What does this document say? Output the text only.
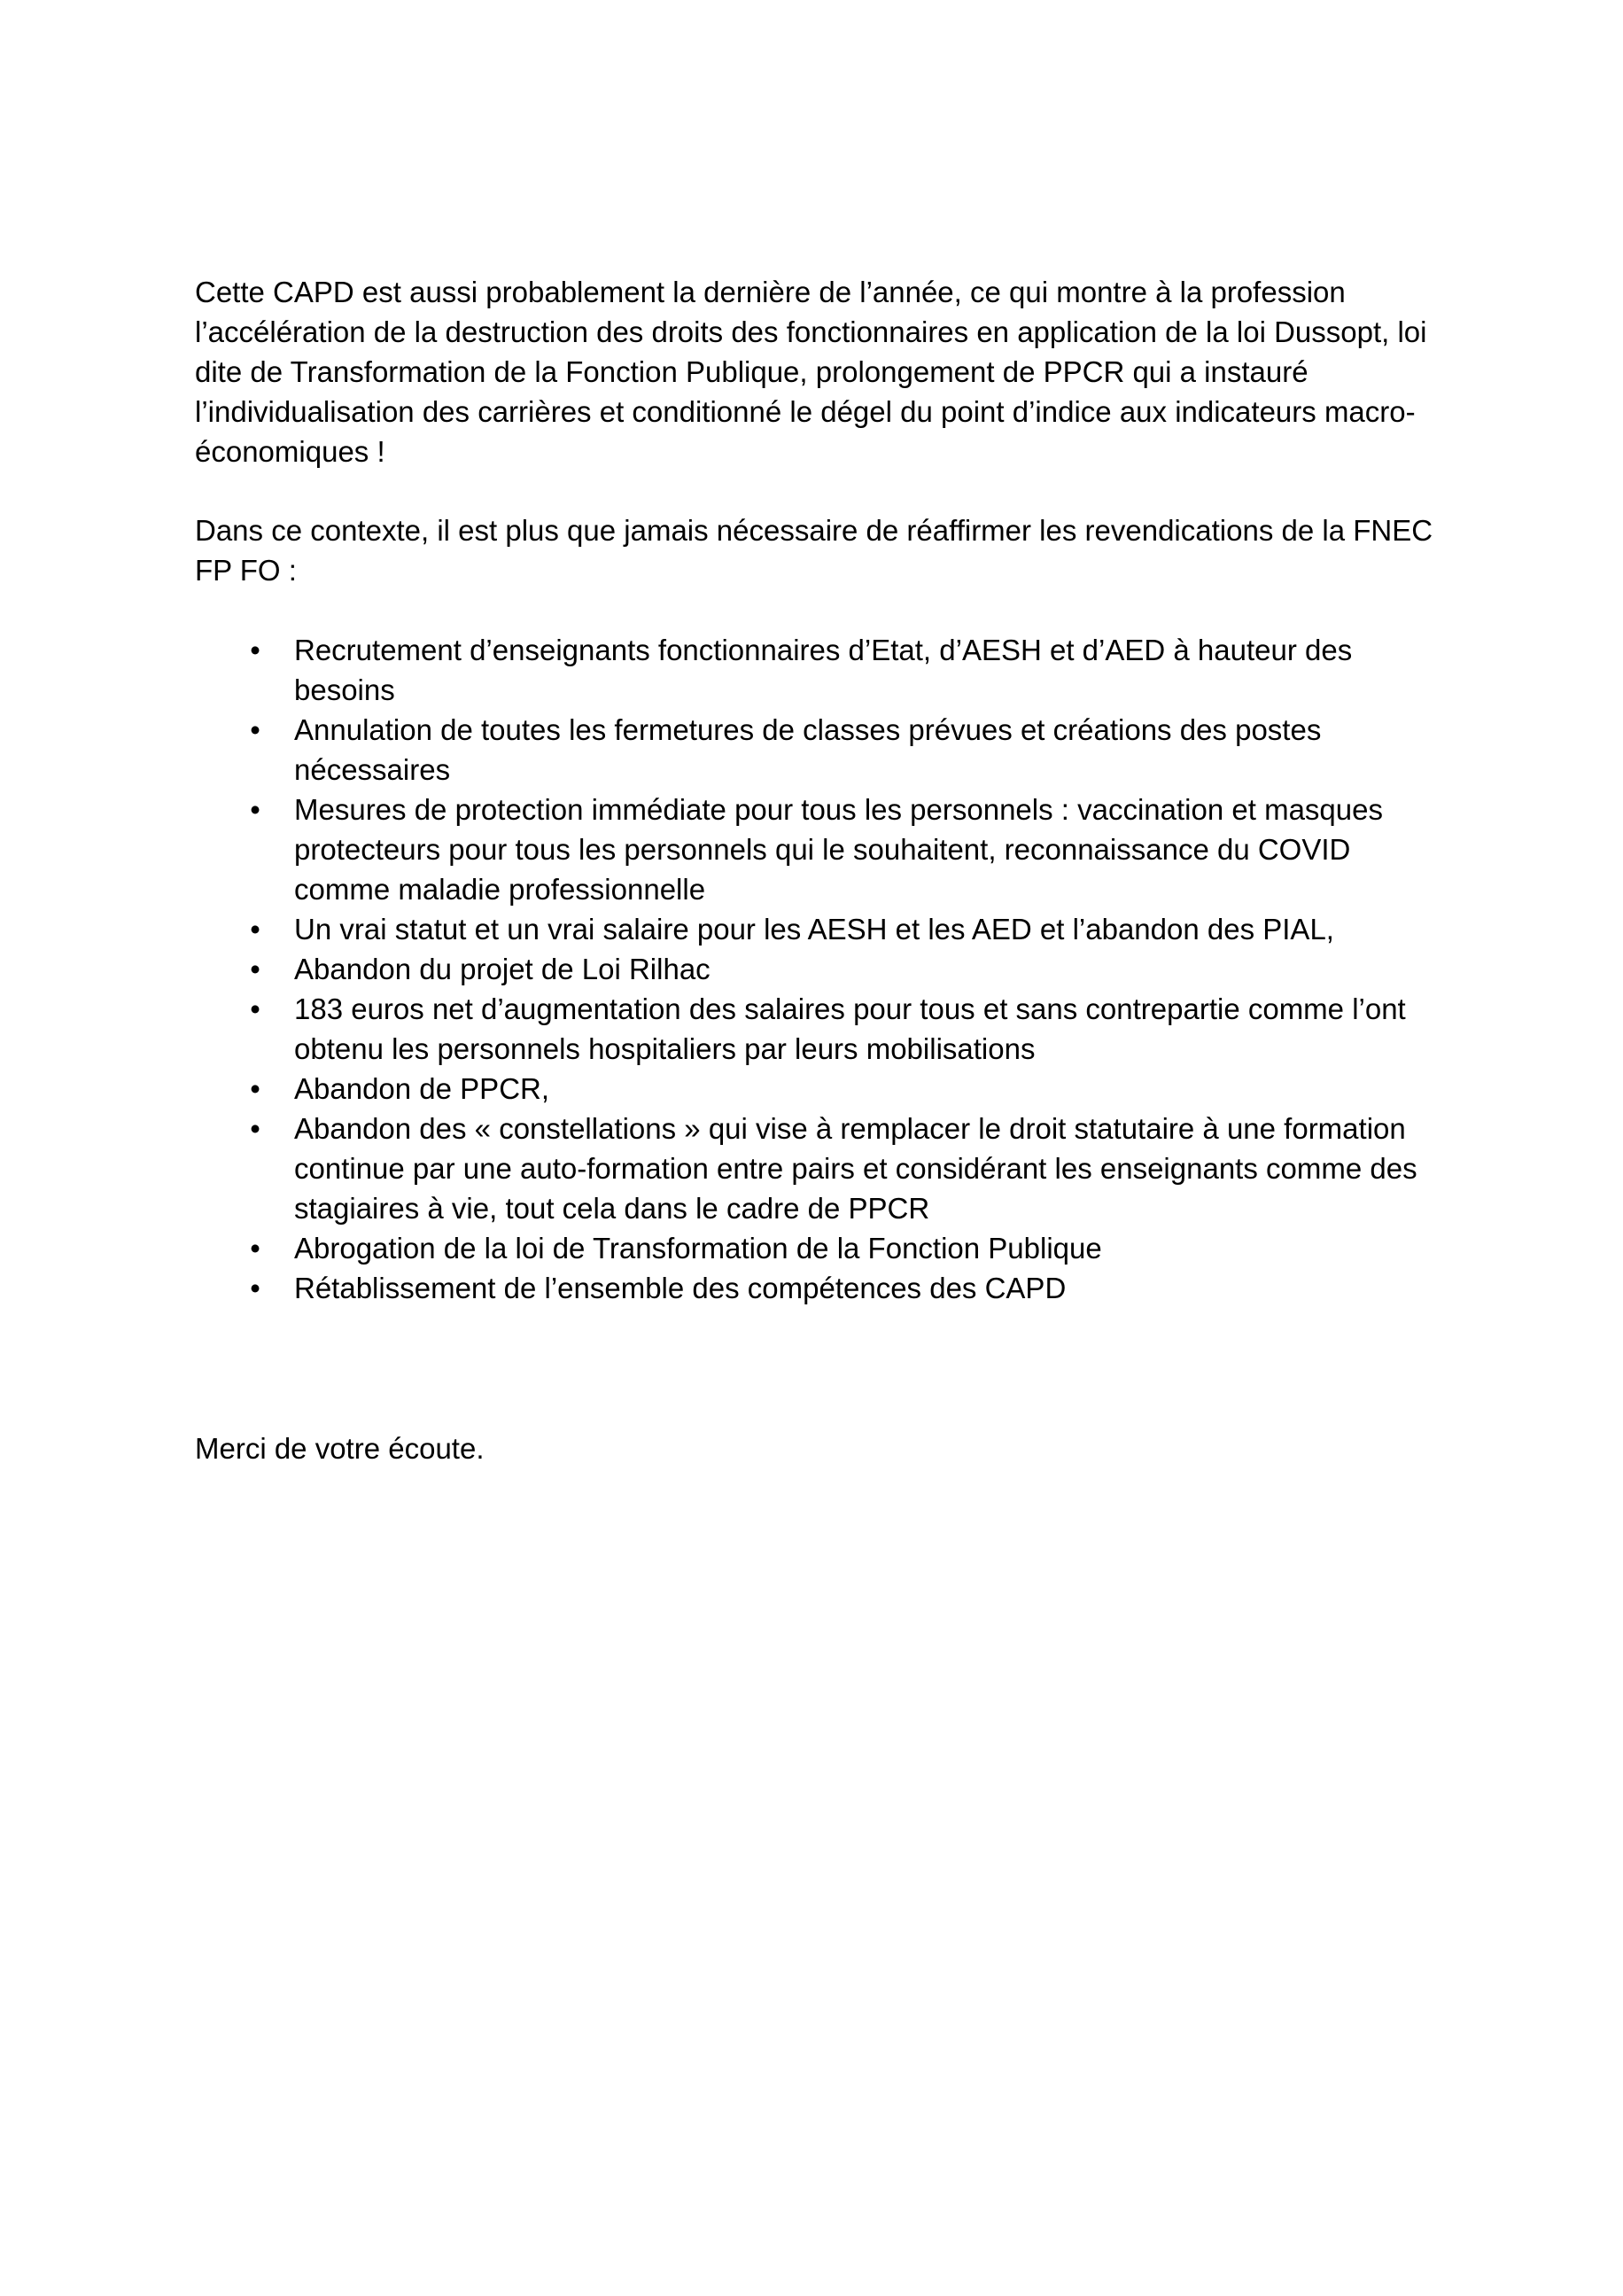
Cette CAPD est aussi probablement la dernière de l’année, ce qui montre à la profession l’accélération de la destruction des droits des fonctionnaires en application de la loi Dussopt, loi dite de Transformation de la Fonction Publique, prolongement de PPCR qui a instauré l’individualisation des carrières et conditionné le dégel du point d’indice aux indicateurs macro-économiques !

Dans ce contexte, il est plus que jamais nécessaire de réaffirmer les revendications de la FNEC FP FO :

• Recrutement d’enseignants fonctionnaires d’Etat, d’AESH et d’AED à hauteur des besoins
• Annulation de toutes les fermetures de classes prévues et créations des postes nécessaires
• Mesures de protection immédiate pour tous les personnels : vaccination et masques protecteurs pour tous les personnels qui le souhaitent, reconnaissance du COVID comme maladie professionnelle
• Un vrai statut et un vrai salaire pour les AESH et les AED et l’abandon des PIAL,
• Abandon du projet de Loi Rilhac
• 183 euros net d’augmentation des salaires pour tous et sans contrepartie comme l’ont obtenu les personnels hospitaliers par leurs mobilisations
• Abandon de PPCR,
• Abandon des « constellations » qui vise à remplacer le droit statutaire à une formation continue par une auto-formation entre pairs et considérant les enseignants comme des stagiaires à vie, tout cela dans le cadre de PPCR
• Abrogation de la loi de Transformation de la Fonction Publique
• Rétablissement de l’ensemble des compétences des CAPD

Merci de votre écoute.
